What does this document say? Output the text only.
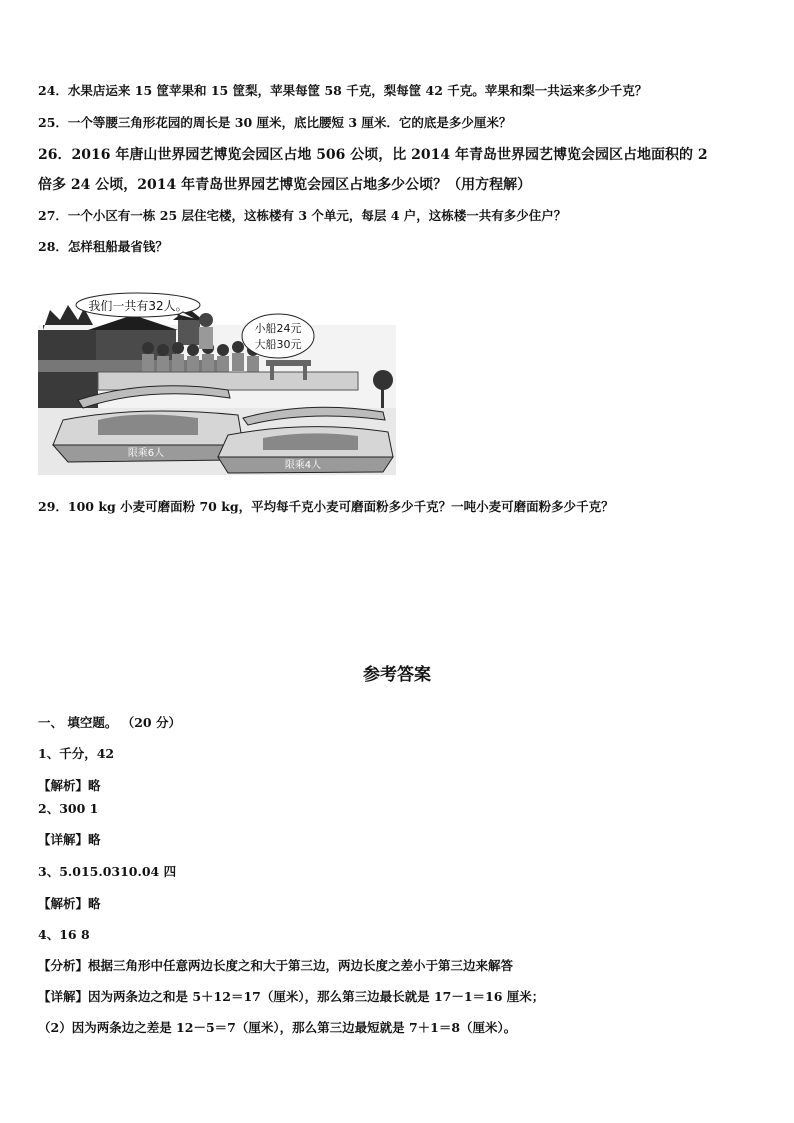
24．水果店运来 15 筐苹果和 15 筐梨，苹果每筐 58 千克，梨每筐 42 千克。苹果和梨一共运来多少千克？
25．一个等腰三角形花园的周长是 30 厘米，底比腰短 3 厘米．它的底是多少厘米？
26．2016 年唐山世界园艺博览会园区占地 506 公顷，比 2014 年青岛世界园艺博览会园区占地面积的 2
倍多 24 公顷，2014 年青岛世界园艺博览会园区占地多少公顷？（用方程解）
27．一个小区有一栋 25 层住宅楼，这栋楼有 3 个单元，每层 4 户，这栋楼一共有多少住户？
28．怎样租船最省钱？
我们一共有32人。
小船24元
大船30元
限乘6人
限乘4人
29．100 kg 小麦可磨面粉 70 kg，平均每千克小麦可磨面粉多少千克？一吨小麦可磨面粉多少千克？
参考答案
一、 填空题。 （20 分）
1、千分，42
【解析】略
2、300 1
【详解】略
3、5.015.0310.04 四
【解析】略
4、16 8
【分析】根据三角形中任意两边长度之和大于第三边，两边长度之差小于第三边来解答
【详解】因为两条边之和是 5＋12＝17（厘米），那么第三边最长就是 17－1＝16 厘米；
（2）因为两条边之差是 12－5＝7（厘米），那么第三边最短就是 7＋1＝8（厘米）。
